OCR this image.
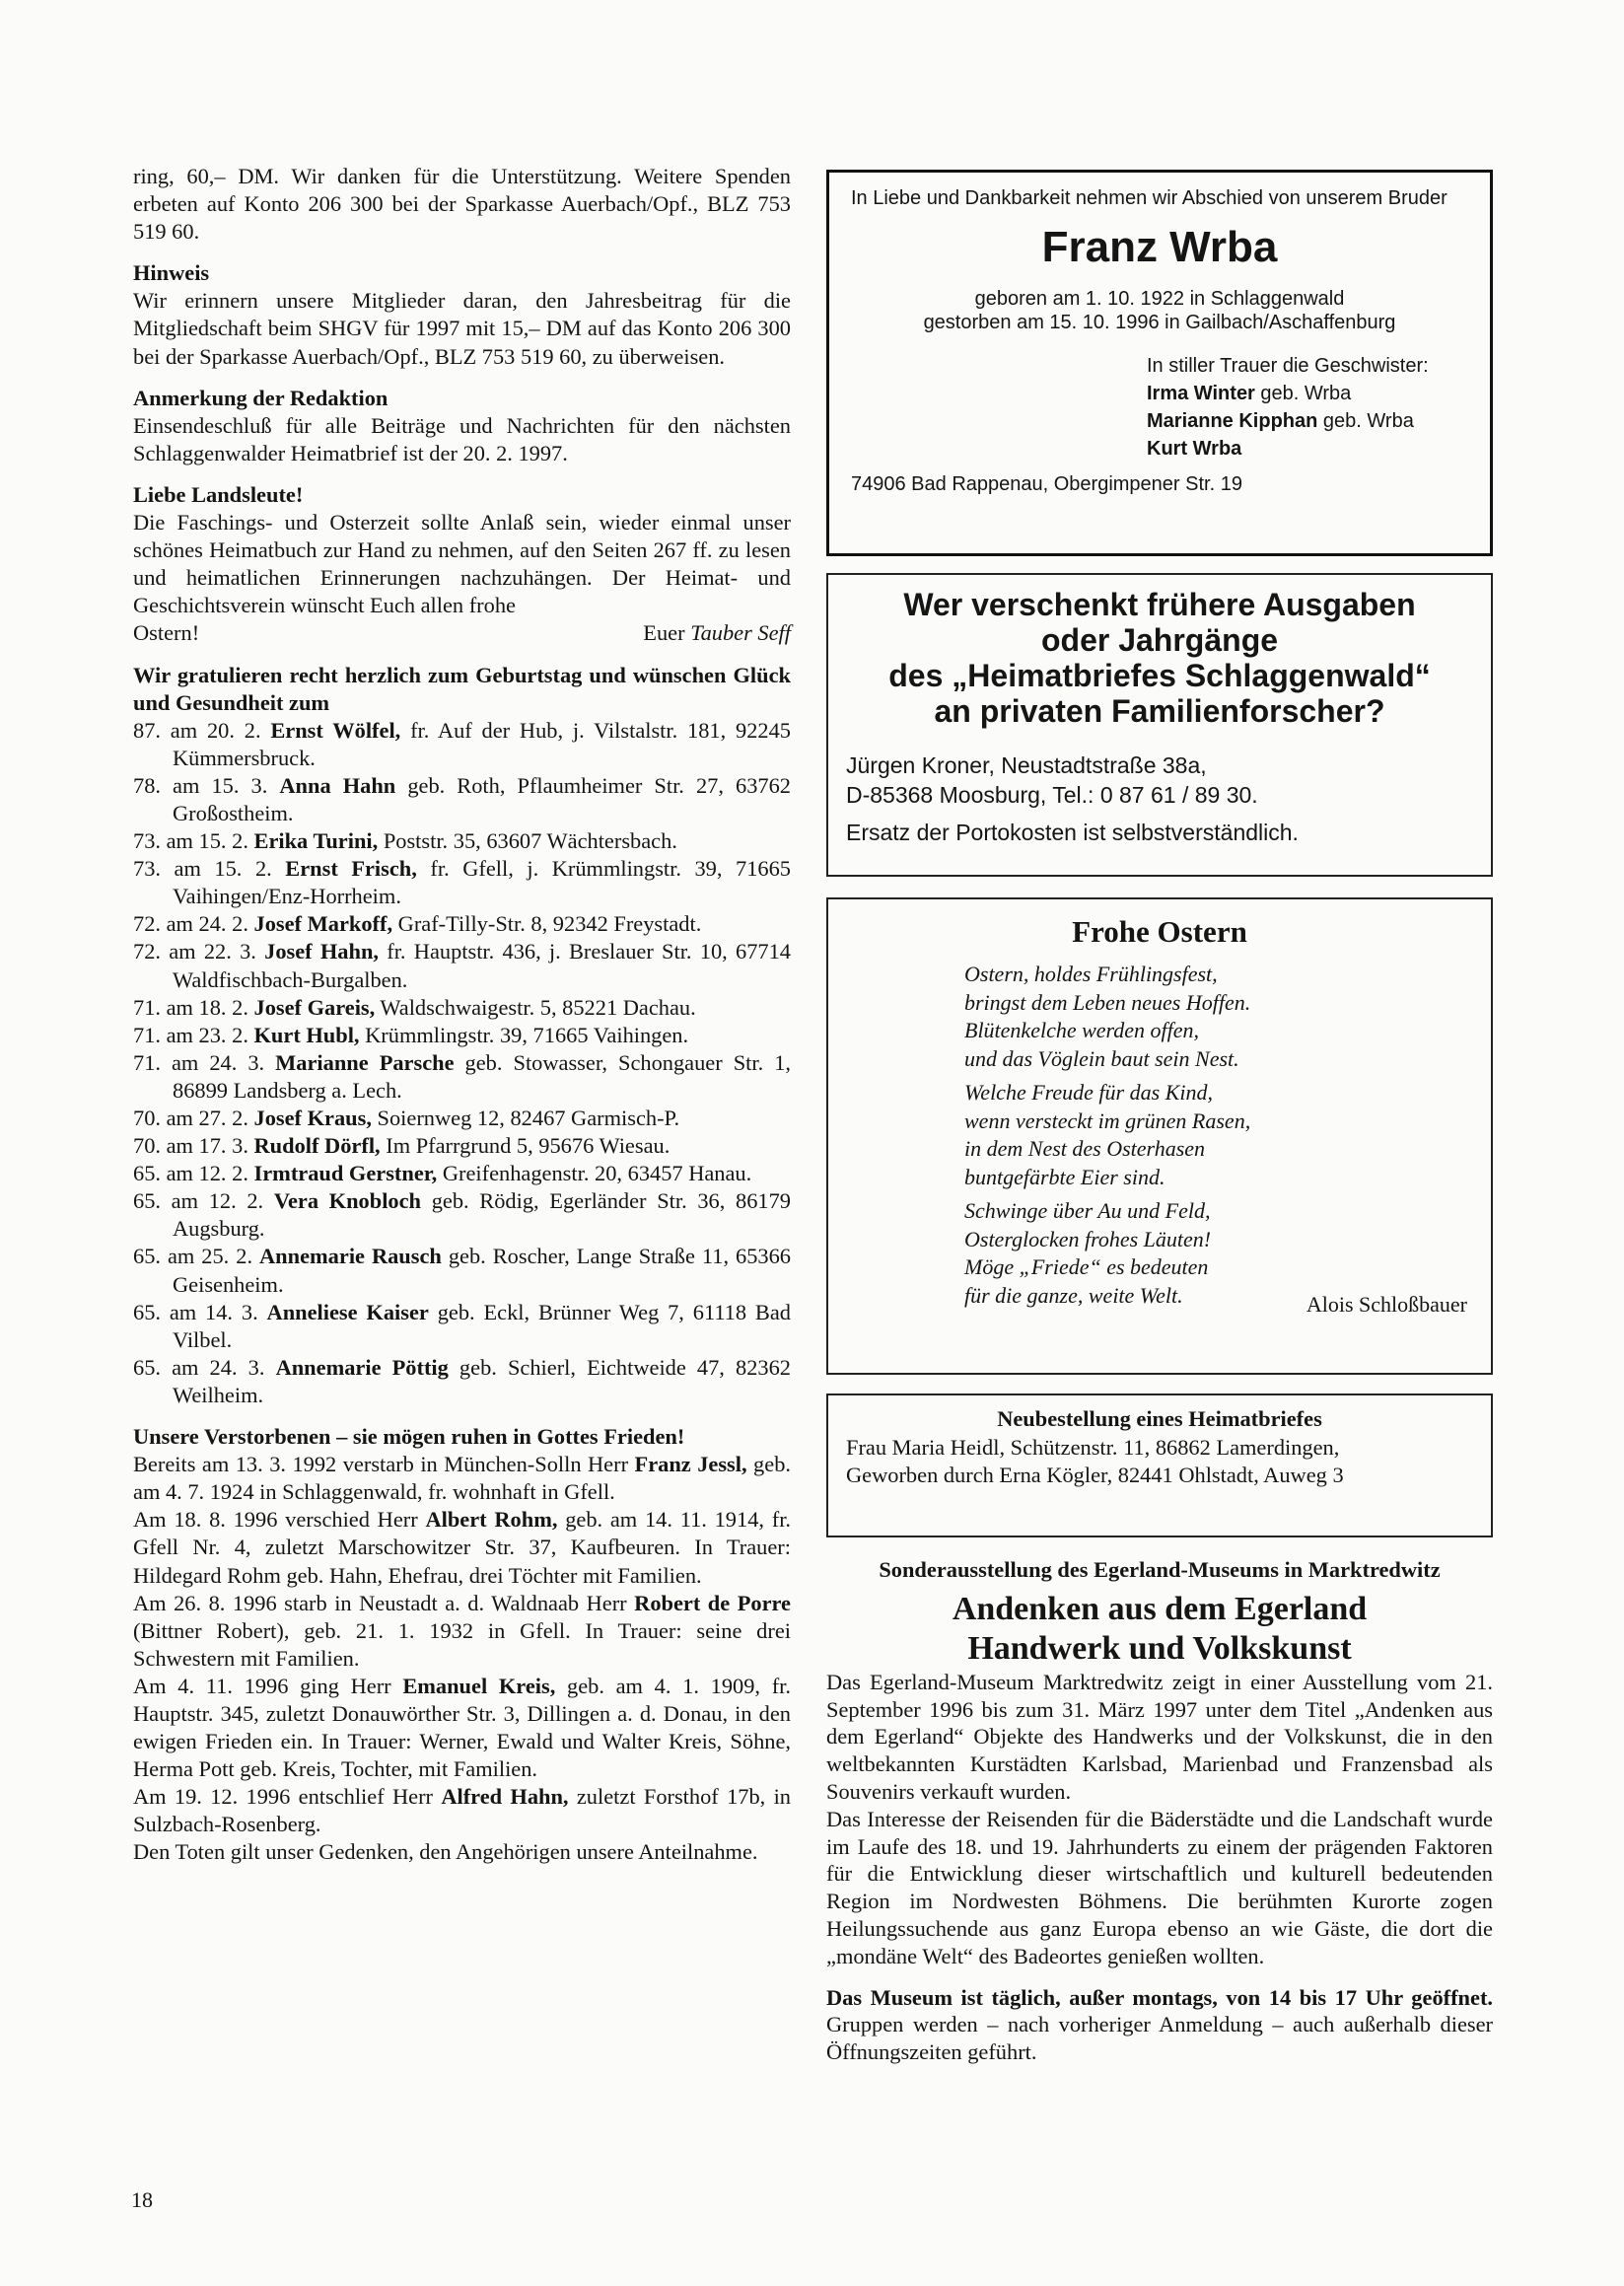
ring, 60,– DM. Wir danken für die Unterstützung. Weitere Spenden erbeten auf Konto 206 300 bei der Sparkasse Auerbach/Opf., BLZ 753 519 60.

Hinweis

Wir erinnern unsere Mitglieder daran, den Jahresbeitrag für die Mitgliedschaft beim SHGV für 1997 mit 15,– DM auf das Konto 206 300 bei der Sparkasse Auerbach/Opf., BLZ 753 519 60, zu überweisen.

Anmerkung der Redaktion

Einsendeschluß für alle Beiträge und Nachrichten für den nächsten Schlaggenwalder Heimatbrief ist der 20. 2. 1997.

Liebe Landsleute!

Die Faschings- und Osterzeit sollte Anlaß sein, wieder einmal unser schönes Heimatbuch zur Hand zu nehmen, auf den Seiten 267 ff. zu lesen und heimatlichen Erinnerungen nachzuhängen. Der Heimat- und Geschichtsverein wünscht Euch allen frohe

Ostern!	Euer Tauber Seff

Wir gratulieren recht herzlich zum Geburtstag und wünschen Glück und Gesundheit zum

87. am 20. 2. Ernst Wölfel, fr. Auf der Hub, j. Vilstalstr. 181, 92245 Kümmersbruck.

78. am 15. 3. Anna Hahn geb. Roth, Pflaumheimer Str. 27, 63762 Großostheim.

73. am 15. 2. Erika Turini, Poststr. 35, 63607 Wächtersbach.

73. am 15. 2. Ernst Frisch, fr. Gfell, j. Krümmlingstr. 39, 71665 Vaihingen/Enz-Horrheim.

72. am 24. 2. Josef Markoff, Graf-Tilly-Str. 8, 92342 Freystadt.

72. am 22. 3. Josef Hahn, fr. Hauptstr. 436, j. Breslauer Str. 10, 67714 Waldfischbach-Burgalben.

71. am 18. 2. Josef Gareis, Waldschwaigestr. 5, 85221 Dachau.

71. am 23. 2. Kurt Hubl, Krümmlingstr. 39, 71665 Vaihingen.

71. am 24. 3. Marianne Parsche geb. Stowasser, Schongauer Str. 1, 86899 Landsberg a. Lech.

70. am 27. 2. Josef Kraus, Soiernweg 12, 82467 Garmisch-P.

70. am 17. 3. Rudolf Dörfl, Im Pfarrgrund 5, 95676 Wiesau.

65. am 12. 2. Irmtraud Gerstner, Greifenhagenstr. 20, 63457 Hanau.

65. am 12. 2. Vera Knobloch geb. Rödig, Egerländer Str. 36, 86179 Augsburg.

65. am 25. 2. Annemarie Rausch geb. Roscher, Lange Straße 11, 65366 Geisenheim.

65. am 14. 3. Anneliese Kaiser geb. Eckl, Brünner Weg 7, 61118 Bad Vilbel.

65. am 24. 3. Annemarie Pöttig geb. Schierl, Eichtweide 47, 82362 Weilheim.

Unsere Verstorbenen – sie mögen ruhen in Gottes Frieden!

Bereits am 13. 3. 1992 verstarb in München-Solln Herr Franz Jessl, geb. am 4. 7. 1924 in Schlaggenwald, fr. wohnhaft in Gfell.

Am 18. 8. 1996 verschied Herr Albert Rohm, geb. am 14. 11. 1914, fr. Gfell Nr. 4, zuletzt Marschowitzer Str. 37, Kaufbeuren. In Trauer: Hildegard Rohm geb. Hahn, Ehefrau, drei Töchter mit Familien.

Am 26. 8. 1996 starb in Neustadt a. d. Waldnaab Herr Robert de Porre (Bittner Robert), geb. 21. 1. 1932 in Gfell. In Trauer: seine drei Schwestern mit Familien.

Am 4. 11. 1996 ging Herr Emanuel Kreis, geb. am 4. 1. 1909, fr. Hauptstr. 345, zuletzt Donauwörther Str. 3, Dillingen a. d. Donau, in den ewigen Frieden ein. In Trauer: Werner, Ewald und Walter Kreis, Söhne, Herma Pott geb. Kreis, Tochter, mit Familien.

Am 19. 12. 1996 entschlief Herr Alfred Hahn, zuletzt Forsthof 17b, in Sulzbach-Rosenberg.

Den Toten gilt unser Gedenken, den Angehörigen unsere Anteilnahme.

18
In Liebe und Dankbarkeit nehmen wir Abschied von unserem Bruder
Franz Wrba
geboren am 1. 10. 1922 in Schlaggenwald
gestorben am 15. 10. 1996 in Gailbach/Aschaffenburg
In stiller Trauer die Geschwister:
Irma Winter geb. Wrba
Marianne Kipphan geb. Wrba
Kurt Wrba
74906 Bad Rappenau, Obergimpener Str. 19
Wer verschenkt frühere Ausgaben
oder Jahrgänge
des „Heimatbriefes Schlaggenwald“
an privaten Familienforscher?
Jürgen Kroner, Neustadtstraße 38a,
D-85368 Moosburg, Tel.: 0 87 61 / 89 30.
Ersatz der Portokosten ist selbstverständlich.
Frohe Ostern
Ostern, holdes Frühlingsfest,
bringst dem Leben neues Hoffen.
Blütenkelche werden offen,
und das Vöglein baut sein Nest.
Welche Freude für das Kind,
wenn versteckt im grünen Rasen,
in dem Nest des Osterhasen
buntgefärbte Eier sind.
Schwinge über Au und Feld,
Osterglocken frohes Läuten!
Möge „Friede“ es bedeuten
für die ganze, weite Welt.	Alois Schloßbauer
Neubestellung eines Heimatbriefes
Frau Maria Heidl, Schützenstr. 11, 86862 Lamerdingen,
Geworben durch Erna Kögler, 82441 Ohlstadt, Auweg 3
Sonderausstellung des Egerland-Museums in Marktredwitz
Andenken aus dem Egerland
Handwerk und Volkskunst

Das Egerland-Museum Marktredwitz zeigt in einer Ausstellung vom 21. September 1996 bis zum 31. März 1997 unter dem Titel „Andenken aus dem Egerland“ Objekte des Handwerks und der Volkskunst, die in den weltbekannten Kurstädten Karlsbad, Marienbad und Franzensbad als Souvenirs verkauft wurden.

Das Interesse der Reisenden für die Bäderstädte und die Landschaft wurde im Laufe des 18. und 19. Jahrhunderts zu einem der prägenden Faktoren für die Entwicklung dieser wirtschaftlich und kulturell bedeutenden Region im Nordwesten Böhmens. Die berühmten Kurorte zogen Heilungssuchende aus ganz Europa ebenso an wie Gäste, die dort die „mondäne Welt“ des Badeortes genießen wollten.

Das Museum ist täglich, außer montags, von 14 bis 17 Uhr geöffnet. Gruppen werden – nach vorheriger Anmeldung – auch außerhalb dieser Öffnungszeiten geführt.
